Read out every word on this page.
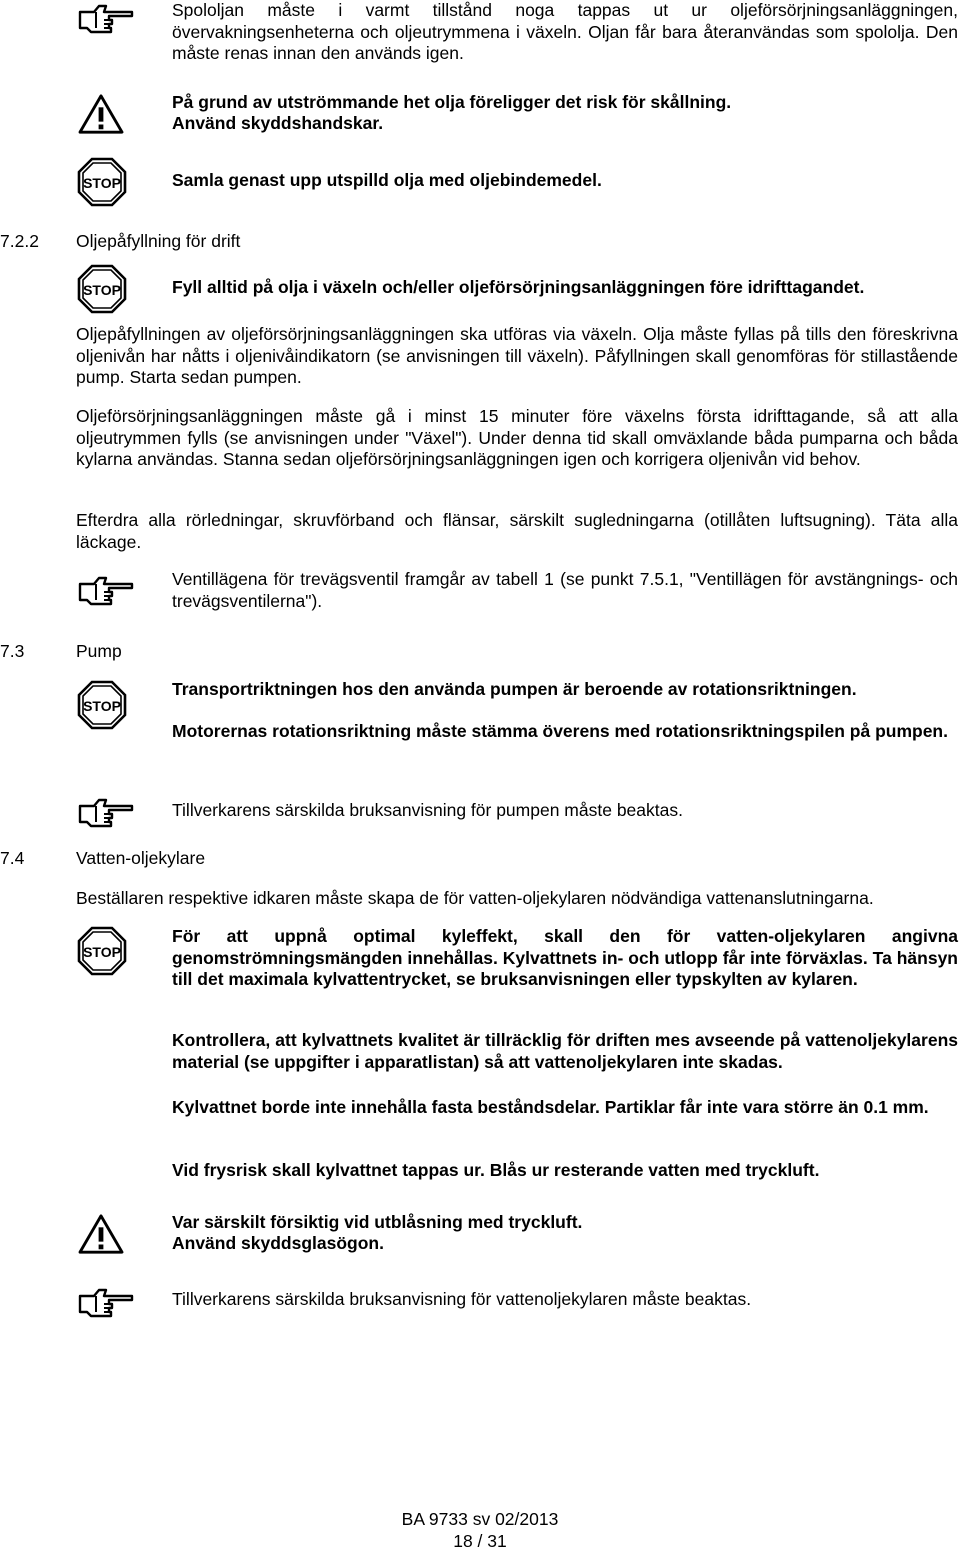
Spololjan måste i varmt tillstånd noga tappas ut ur oljeförsörjningsanläggningen, övervakningsenheterna och oljeutrymmena i växeln. Oljan får bara återanvändas som spololja. Den måste renas innan den används igen.

På grund av utströmmande het olja föreligger det risk för skållning.

Använd skyddshandskar.

STOP	Samla genast upp utspilld olja med oljebindemedel.

7.2.2 Oljepåfyllning för drift
STOP	Fyll alltid på olja i växeln och/eller oljeförsörjningsanläggningen före idrifttagandet.

Oljepåfyllningen av oljeförsörjningsanläggningen ska utföras via växeln. Olja måste fyllas på tills den föreskrivna oljenivån har nåtts i oljenivåindikatorn (se anvisningen till växeln). Påfyllningen skall genomföras för stillastående pump. Starta sedan pumpen.

Oljeförsörjningsanläggningen måste gå i minst 15 minuter före växelns första idrifttagande, så att alla oljeutrymmen fylls (se anvisningen under "Växel"). Under denna tid skall omväxlande båda pumparna och båda kylarna användas. Stanna sedan oljeförsörjningsanläggningen igen och korrigera oljenivån vid behov.

Efterdra alla rörledningar, skruvförband och flänsar, särskilt sugledningarna (otillåten luftsugning). Täta alla läckage.

Ventillägena för trevägsventil framgår av tabell 1 (se punkt 7.5.1, "Ventillägen för avstängnings- och trevägsventilerna").

7.3	Pump
STOP

Transportriktningen hos den använda pumpen är beroende av rotationsriktningen.

Motorernas rotationsriktning måste stämma överens med rotationsriktningspilen på pumpen.

Tillverkarens särskilda bruksanvisning för pumpen måste beaktas.

7.4	Vatten-oljekylare

Beställaren respektive idkaren måste skapa de för vatten-oljekylaren nödvändiga vattenanslutningarna.

STOP

För att uppnå optimal kyleffekt, skall den för vatten-oljekylaren angivna genomströmningsmängden innehållas. Kylvattnets in- och utlopp får inte förväxlas. Ta hänsyn till det maximala kylvattentrycket, se bruksanvisningen eller typskylten av kylaren.

Kontrollera, att kylvattnets kvalitet är tillräcklig för driften mes avseende på vattenoljekylarens material (se uppgifter i apparatlistan) så att vattenoljekylaren inte skadas.

Kylvattnet borde inte innehålla fasta beståndsdelar. Partiklar får inte vara större än 0.1 mm.

Vid frysrisk skall kylvattnet tappas ur. Blås ur resterande vatten med tryckluft.

Var särskilt försiktig vid utblåsning med tryckluft.

Använd skyddsglasögon.

Tillverkarens särskilda bruksanvisning för vattenoljekylaren måste beaktas.

BA 9733 sv 02/2013
18 / 31
